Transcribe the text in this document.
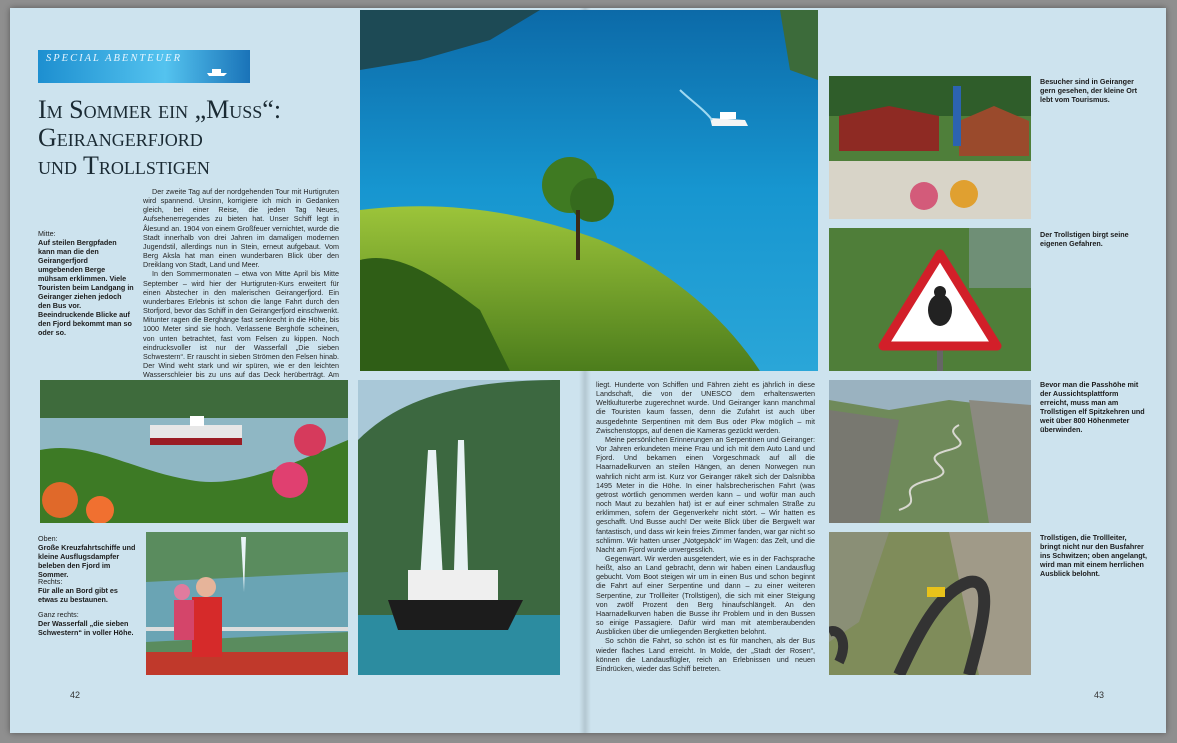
SPECIAL ABENTEUER
Im Sommer ein „Muss“:
Geirangerfjord
und Trollstigen
Mitte:
Auf steilen Bergpfaden kann man die den Geirangerfjord umgebenden Berge mühsam erklimmen. Viele Touristen beim Landgang in Geiranger ziehen jedoch den Bus vor. Beeindruckende Blicke auf den Fjord bekommt man so oder so.

Der zweite Tag auf der nordgehenden Tour mit Hurtigruten wird spannend. Unsinn, korrigiere ich mich in Gedanken gleich, bei einer Reise, die jeden Tag Neues, Aufsehenerregendes zu bieten hat. Unser Schiff legt in Ålesund an. 1904 von einem Großfeuer vernichtet, wurde die Stadt innerhalb von drei Jahren im damaligen modernen Jugendstil, allerdings nun in Stein, erneut aufgebaut. Vom Berg Aksla hat man einen wunderbaren Blick über den Dreiklang von Stadt, Land und Meer.

In den Sommermonaten – etwa von Mitte April bis Mitte September – wird hier der Hurtigruten-Kurs erweitert für einen Abstecher in den malerischen Geirangerfjord. Ein wunderbares Erlebnis ist schon die lange Fahrt durch den Storfjord, bevor das Schiff in den Geirangerfjord einschwenkt. Mitunter ragen die Berghänge fast senkrecht in die Höhe, bis 1000 Meter sind sie hoch. Verlassene Berghöfe scheinen, von unten betrachtet, fast vom Felsen zu kippen. Noch eindrucksvoller ist nur der Wasserfall „Die sieben Schwestern“. Er rauscht in sieben Strömen den Felsen hinab. Der Wind weht stark und wir spüren, wie er den leichten Wasserschleier bis zu uns auf das Deck herüberträgt. Am

Oben:
Große Kreuzfahrtschiffe und kleine Ausflugsdampfer beleben den Fjord im Sommer.
Rechts:
Für alle an Bord gibt es etwas zu bestaunen.
Ganz rechts:
Der Wasserfall „die sieben Schwestern“ in voller Höhe.

liegt. Hunderte von Schiffen und Fähren zieht es jährlich in diese Landschaft, die von der UNESCO dem erhaltenswerten Weltkulturerbe zugerechnet wurde. Und Geiranger kann manchmal die Touristen kaum fassen, denn die Zufahrt ist auch über ausgedehnte Serpentinen mit dem Bus oder Pkw möglich – mit Zwischenstopps, auf denen die Kameras gezückt werden.

Meine persönlichen Erinnerungen an Serpentinen und Geiranger: Vor Jahren erkundeten meine Frau und ich mit dem Auto Land und Fjord. Und bekamen einen Vorgeschmack auf all die Haarnadelkurven an steilen Hängen, an denen Norwegen nun wahrlich nicht arm ist. Kurz vor Geiranger räkelt sich der Dalsnibba 1495 Meter in die Höhe. In einer halsbrecherischen Fahrt (was getrost wörtlich genommen werden kann – und wofür man auch noch Maut zu bezahlen hat) ist er auf einer schmalen Straße zu erklimmen, sofern der Gegenverkehr nicht stört. – Wir hatten es geschafft. Und Busse auch! Der weite Blick über die Bergwelt war fantastisch, und dass wir kein freies Zimmer fanden, war gar nicht so schlimm. Wir hatten unser „Notgepäck“ im Wagen: das Zelt, und die Nacht am Fjord wurde unvergesslich.

Gegenwart. Wir werden ausgetendert, wie es in der Fachsprache heißt, also an Land gebracht, denn wir haben einen Landausflug gebucht. Vom Boot steigen wir um in einen Bus und schon beginnt die Fahrt auf einer Serpentine und dann – zu einer weiteren Serpentine, zur Trollleiter (Trollstigen), die sich mit einer Steigung von zwölf Prozent den Berg hinaufschlängelt. An den Haarnadelkurven haben die Busse ihr Problem und in den Bussen so einige Passagiere. Dafür wird man mit atemberaubenden Ausblicken über die umliegenden Bergketten belohnt.

So schön die Fahrt, so schön ist es für manchen, als der Bus wieder flaches Land erreicht. In Molde, der „Stadt der Rosen“, können die Landausflügler, reich an Erlebnissen und neuen Eindrücken, wieder das Schiff betreten.

Besucher sind in Geiranger gern gesehen, der kleine Ort lebt vom Tourismus.
Der Trollstigen birgt seine eigenen Gefahren.
Bevor man die Passhöhe mit der Aussichtsplattform erreicht, muss man am Trollstigen elf Spitzkehren und weit über 800 Höhenmeter überwinden.
Trollstigen, die Trollleiter, bringt nicht nur den Busfahrer ins Schwitzen; oben angelangt, wird man mit einem herrlichen Ausblick belohnt.
42	43
